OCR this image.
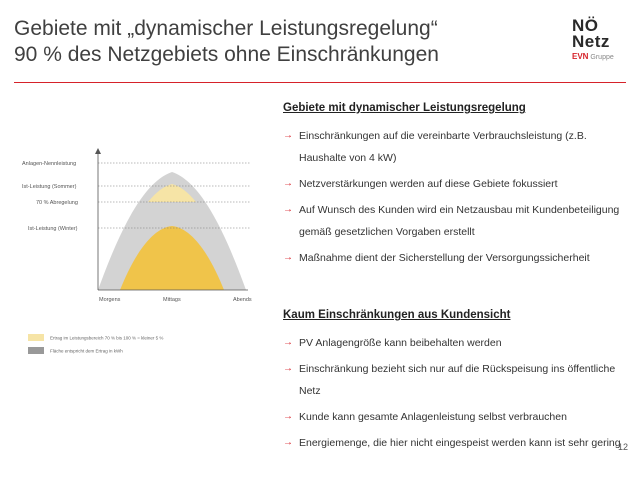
Gebiete mit „dynamischer Leistungsregelung“
90 % des Netzgebiets ohne Einschränkungen
NÖ
Netz
EVN Gruppe
Anlagen-Nennleistung
Ist-Leistung (Sommer)
70 % Abregelung
Ist-Leistung (Winter)
Morgens	Mittags	Abends
Ertrag im Leistungsbereich 70 % bis 100 % = kleiner 5 %
Fläche entspricht dem Ertrag in kWh
Gebiete mit dynamischer Leistungsregelung
→ Einschränkungen auf die vereinbarte Verbrauchsleistung (z.B. Haushalte von 4 kW)
→ Netzverstärkungen werden auf diese Gebiete fokussiert
→ Auf Wunsch des Kunden wird ein Netzausbau mit Kundenbeteiligung gemäß gesetzlichen Vorgaben erstellt
→ Maßnahme dient der Sicherstellung der Versorgungssicherheit
Kaum Einschränkungen aus Kundensicht
→ PV Anlagengröße kann beibehalten werden
→ Einschränkung bezieht sich nur auf die Rückspeisung ins öffentliche Netz
→ Kunde kann gesamte Anlagenleistung selbst verbrauchen
→ Energiemenge, die hier nicht eingespeist werden kann ist sehr gering
12
